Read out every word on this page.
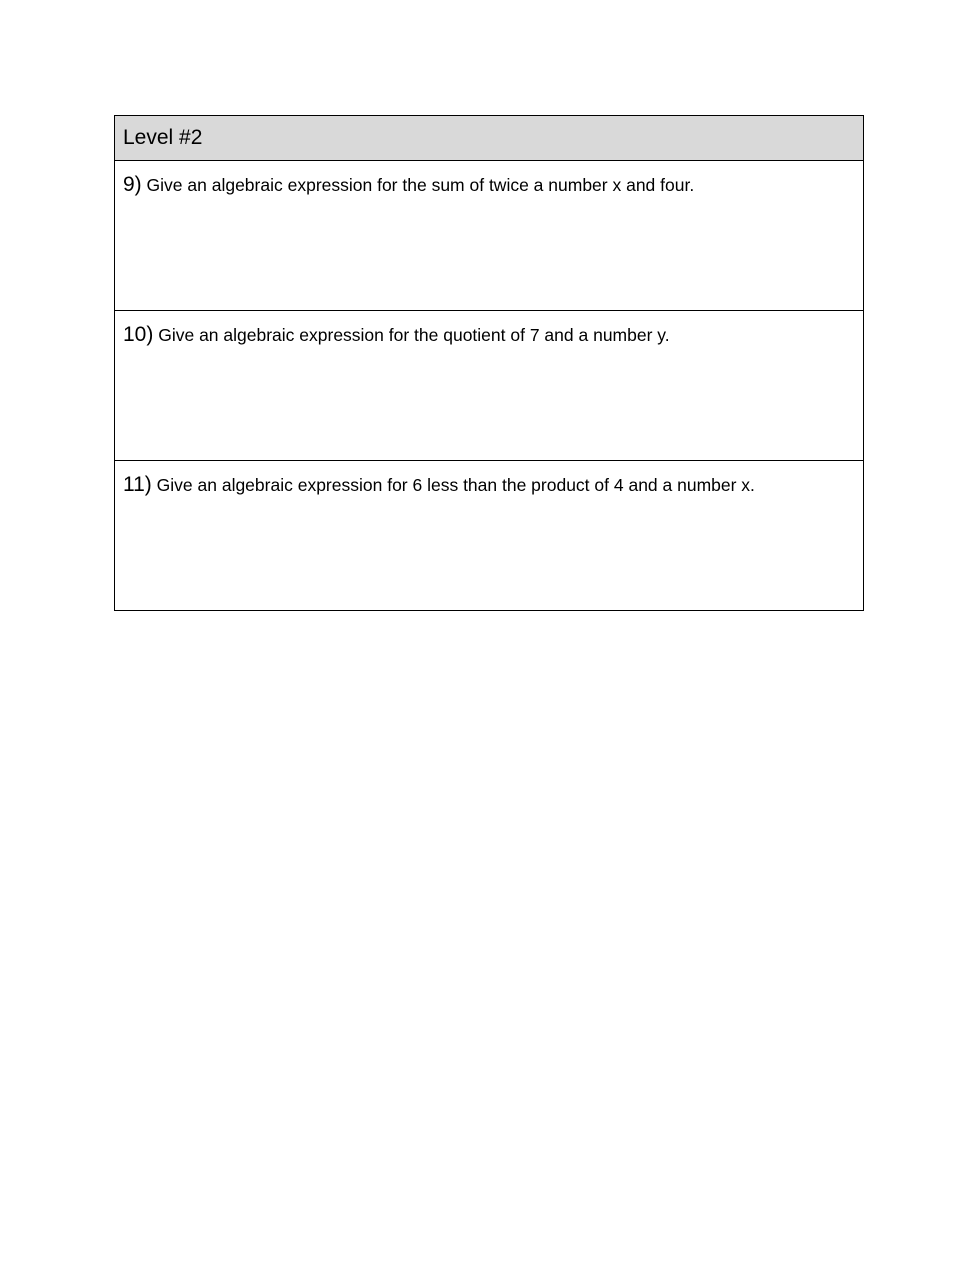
Level #2
9) Give an algebraic expression for the sum of twice a number x and four.
10) Give an algebraic expression for the quotient of 7 and a number y.
11) Give an algebraic expression for 6 less than the product of 4 and a number x.
